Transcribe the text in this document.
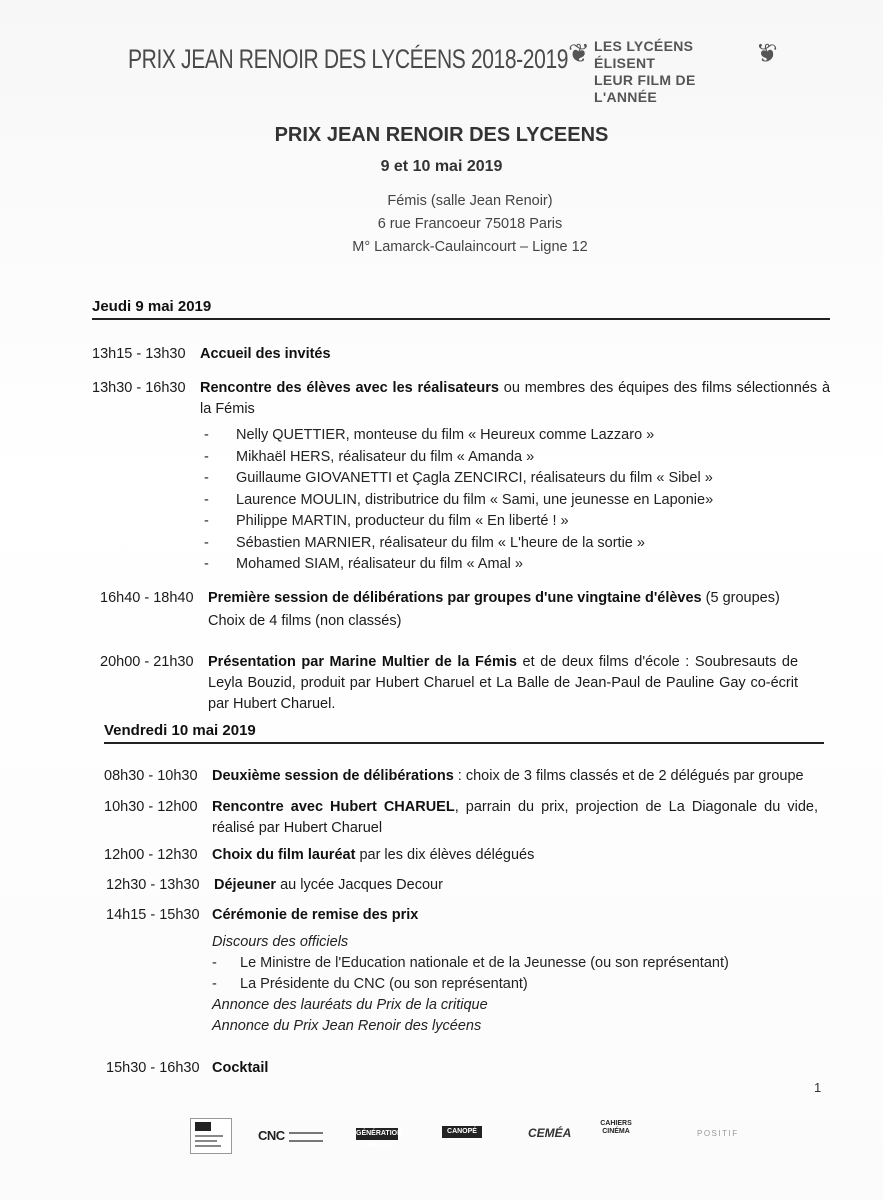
PRIX JEAN RENOIR DES LYCÉENS 2018-2019 ❦ LES LYCÉENS ÉLISENT
LEUR FILM DE L'ANNÉE
❦
PRIX JEAN RENOIR DES LYCEENS
9 et 10 mai 2019
Fémis (salle Jean Renoir)
6 rue Francoeur 75018 Paris
M° Lamarck-Caulaincourt – Ligne 12
Jeudi 9 mai 2019
13h15 - 13h30 Accueil des invités
13h30 - 16h30 Rencontre des élèves avec les réalisateurs ou membres des équipes des films sélectionnés à la Fémis
- Nelly QUETTIER, monteuse du film « Heureux comme Lazzaro »
- Mikhaël HERS, réalisateur du film « Amanda »
- Guillaume GIOVANETTI et Çagla ZENCIRCI, réalisateurs du film « Sibel »
- Laurence MOULIN, distributrice du film « Sami, une jeunesse en Laponie»
- Philippe MARTIN, producteur du film « En liberté ! »
- Sébastien MARNIER, réalisateur du film « L'heure de la sortie »
- Mohamed SIAM, réalisateur du film « Amal »
16h40 - 18h40 Première session de délibérations par groupes d'une vingtaine d'élèves (5 groupes)
Choix de 4 films (non classés)
20h00 - 21h30 Présentation par Marine Multier de la Fémis et de deux films d'école : Soubresauts de Leyla Bouzid, produit par Hubert Charuel et La Balle de Jean-Paul de Pauline Gay co-écrit par Hubert Charuel.
Vendredi 10 mai 2019
08h30 - 10h30 Deuxième session de délibérations : choix de 3 films classés et de 2 délégués par groupe
10h30 - 12h00 Rencontre avec Hubert CHARUEL, parrain du prix, projection de La Diagonale du vide, réalisé par Hubert Charuel
12h00 - 12h30 Choix du film lauréat par les dix élèves délégués
12h30 - 13h30 Déjeuner au lycée Jacques Decour
14h15 - 15h30 Cérémonie de remise des prix
Discours des officiels
- Le Ministre de l'Education nationale et de la Jeunesse (ou son représentant)
- La Présidente du CNC (ou son représentant)
Annonce des lauréats du Prix de la critique
Annonce du Prix Jean Renoir des lycéens
15h30 - 16h30 Cocktail
1
CNC	GÉNÉRATION CINÉMAS
CANOPÉ	CEMÉA
CAHIERS CINÉMA	POSITIF
